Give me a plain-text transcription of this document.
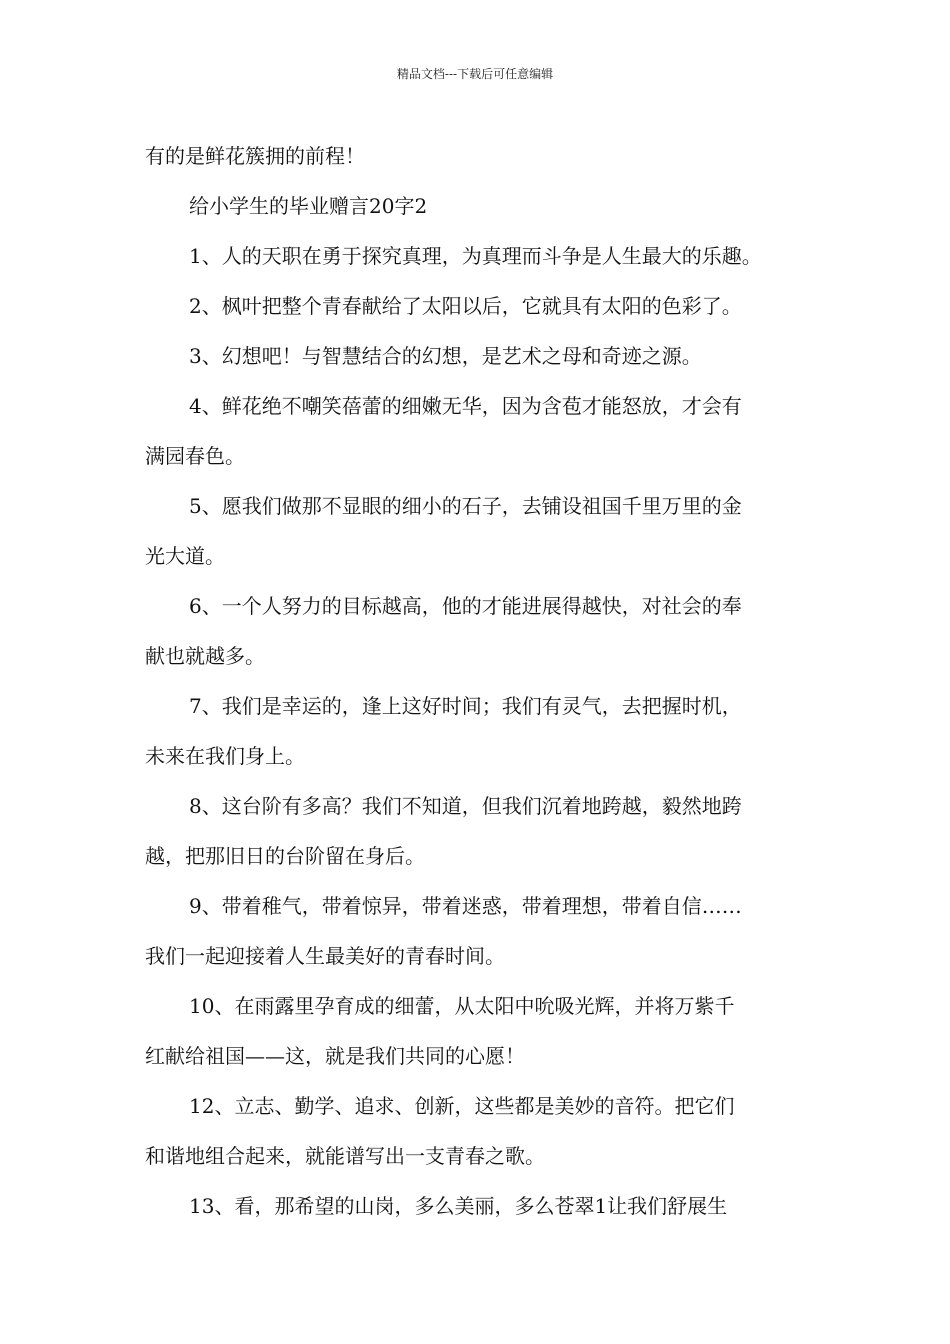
精品文档---下载后可任意编辑

有的是鲜花簇拥的前程！

给小学生的毕业赠言20字2

1、人的天职在勇于探究真理，为真理而斗争是人生最大的乐趣。

2、枫叶把整个青春献给了太阳以后，它就具有太阳的色彩了。

3、幻想吧！与智慧结合的幻想，是艺术之母和奇迹之源。

4、鲜花绝不嘲笑蓓蕾的细嫩无华，因为含苞才能怒放，才会有

满园春色。

5、愿我们做那不显眼的细小的石子，去铺设祖国千里万里的金

光大道。

6、一个人努力的目标越高，他的才能进展得越快，对社会的奉

献也就越多。

7、我们是幸运的，逢上这好时间；我们有灵气，去把握时机，

未来在我们身上。

8、这台阶有多高？我们不知道，但我们沉着地跨越，毅然地跨

越，把那旧日的台阶留在身后。

9、带着稚气，带着惊异，带着迷惑，带着理想，带着自信……

我们一起迎接着人生最美好的青春时间。

10、在雨露里孕育成的细蕾，从太阳中吮吸光辉，并将万紫千

红献给祖国——这，就是我们共同的心愿！

12、立志、勤学、追求、创新，这些都是美妙的音符。把它们

和谐地组合起来，就能谱写出一支青春之歌。

13、看，那希望的山岗，多么美丽，多么苍翠1让我们舒展生
